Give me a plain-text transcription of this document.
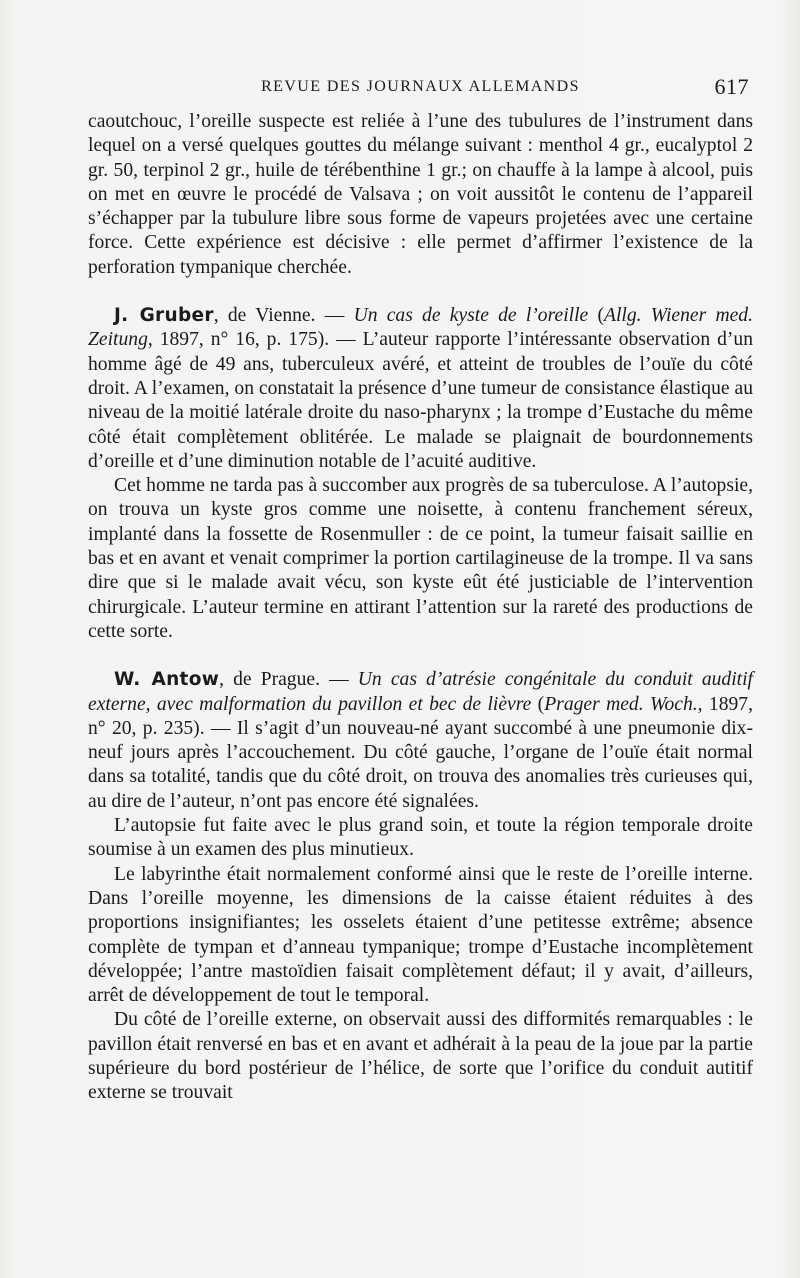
REVUE DES JOURNAUX ALLEMANDS	617

caoutchouc, l’oreille suspecte est reliée à l’une des tubulures de l’instrument dans lequel on a versé quelques gouttes du mélange suivant : menthol 4 gr., eucalyptol 2 gr. 50, terpinol 2 gr., huile de térébenthine 1 gr.; on chauffe à la lampe à alcool, puis on met en œuvre le procédé de Valsava ; on voit aussitôt le contenu de l’appareil s’échapper par la tubulure libre sous forme de vapeurs projetées avec une certaine force. Cette expérience est décisive : elle permet d’affirmer l’existence de la perforation tympanique cherchée.

J. Gruber, de Vienne. — Un cas de kyste de l’oreille (Allg. Wiener med. Zeitung, 1897, n° 16, p. 175). — L’auteur rapporte l’intéressante observation d’un homme âgé de 49 ans, tuberculeux avéré, et atteint de troubles de l’ouïe du côté droit. A l’examen, on constatait la présence d’une tumeur de consistance élastique au niveau de la moitié latérale droite du naso-pharynx ; la trompe d’Eustache du même côté était complètement oblitérée. Le malade se plaignait de bourdonnements d’oreille et d’une diminution notable de l’acuité auditive.

Cet homme ne tarda pas à succomber aux progrès de sa tuberculose. A l’autopsie, on trouva un kyste gros comme une noisette, à contenu franchement séreux, implanté dans la fossette de Rosenmuller : de ce point, la tumeur faisait saillie en bas et en avant et venait comprimer la portion cartilagineuse de la trompe. Il va sans dire que si le malade avait vécu, son kyste eût été justiciable de l’intervention chirurgicale. L’auteur termine en attirant l’attention sur la rareté des productions de cette sorte.

W. Antow, de Prague. — Un cas d’atrésie congénitale du conduit auditif externe, avec malformation du pavillon et bec de lièvre (Prager med. Woch., 1897, n° 20, p. 235). — Il s’agit d’un nouveau-né ayant succombé à une pneumonie dix-neuf jours après l’accouchement. Du côté gauche, l’organe de l’ouïe était normal dans sa totalité, tandis que du côté droit, on trouva des anomalies très curieuses qui, au dire de l’auteur, n’ont pas encore été signalées.

L’autopsie fut faite avec le plus grand soin, et toute la région temporale droite soumise à un examen des plus minutieux.

Le labyrinthe était normalement conformé ainsi que le reste de l’oreille interne. Dans l’oreille moyenne, les dimensions de la caisse étaient réduites à des proportions insignifiantes; les osselets étaient d’une petitesse extrême; absence complète de tympan et d’anneau tympanique; trompe d’Eustache incomplètement développée; l’antre mastoïdien faisait complètement défaut; il y avait, d’ailleurs, arrêt de développement de tout le temporal.

Du côté de l’oreille externe, on observait aussi des difformités remarquables : le pavillon était renversé en bas et en avant et adhérait à la peau de la joue par la partie supérieure du bord postérieur de l’hélice, de sorte que l’orifice du conduit autitif externe se trouvait
